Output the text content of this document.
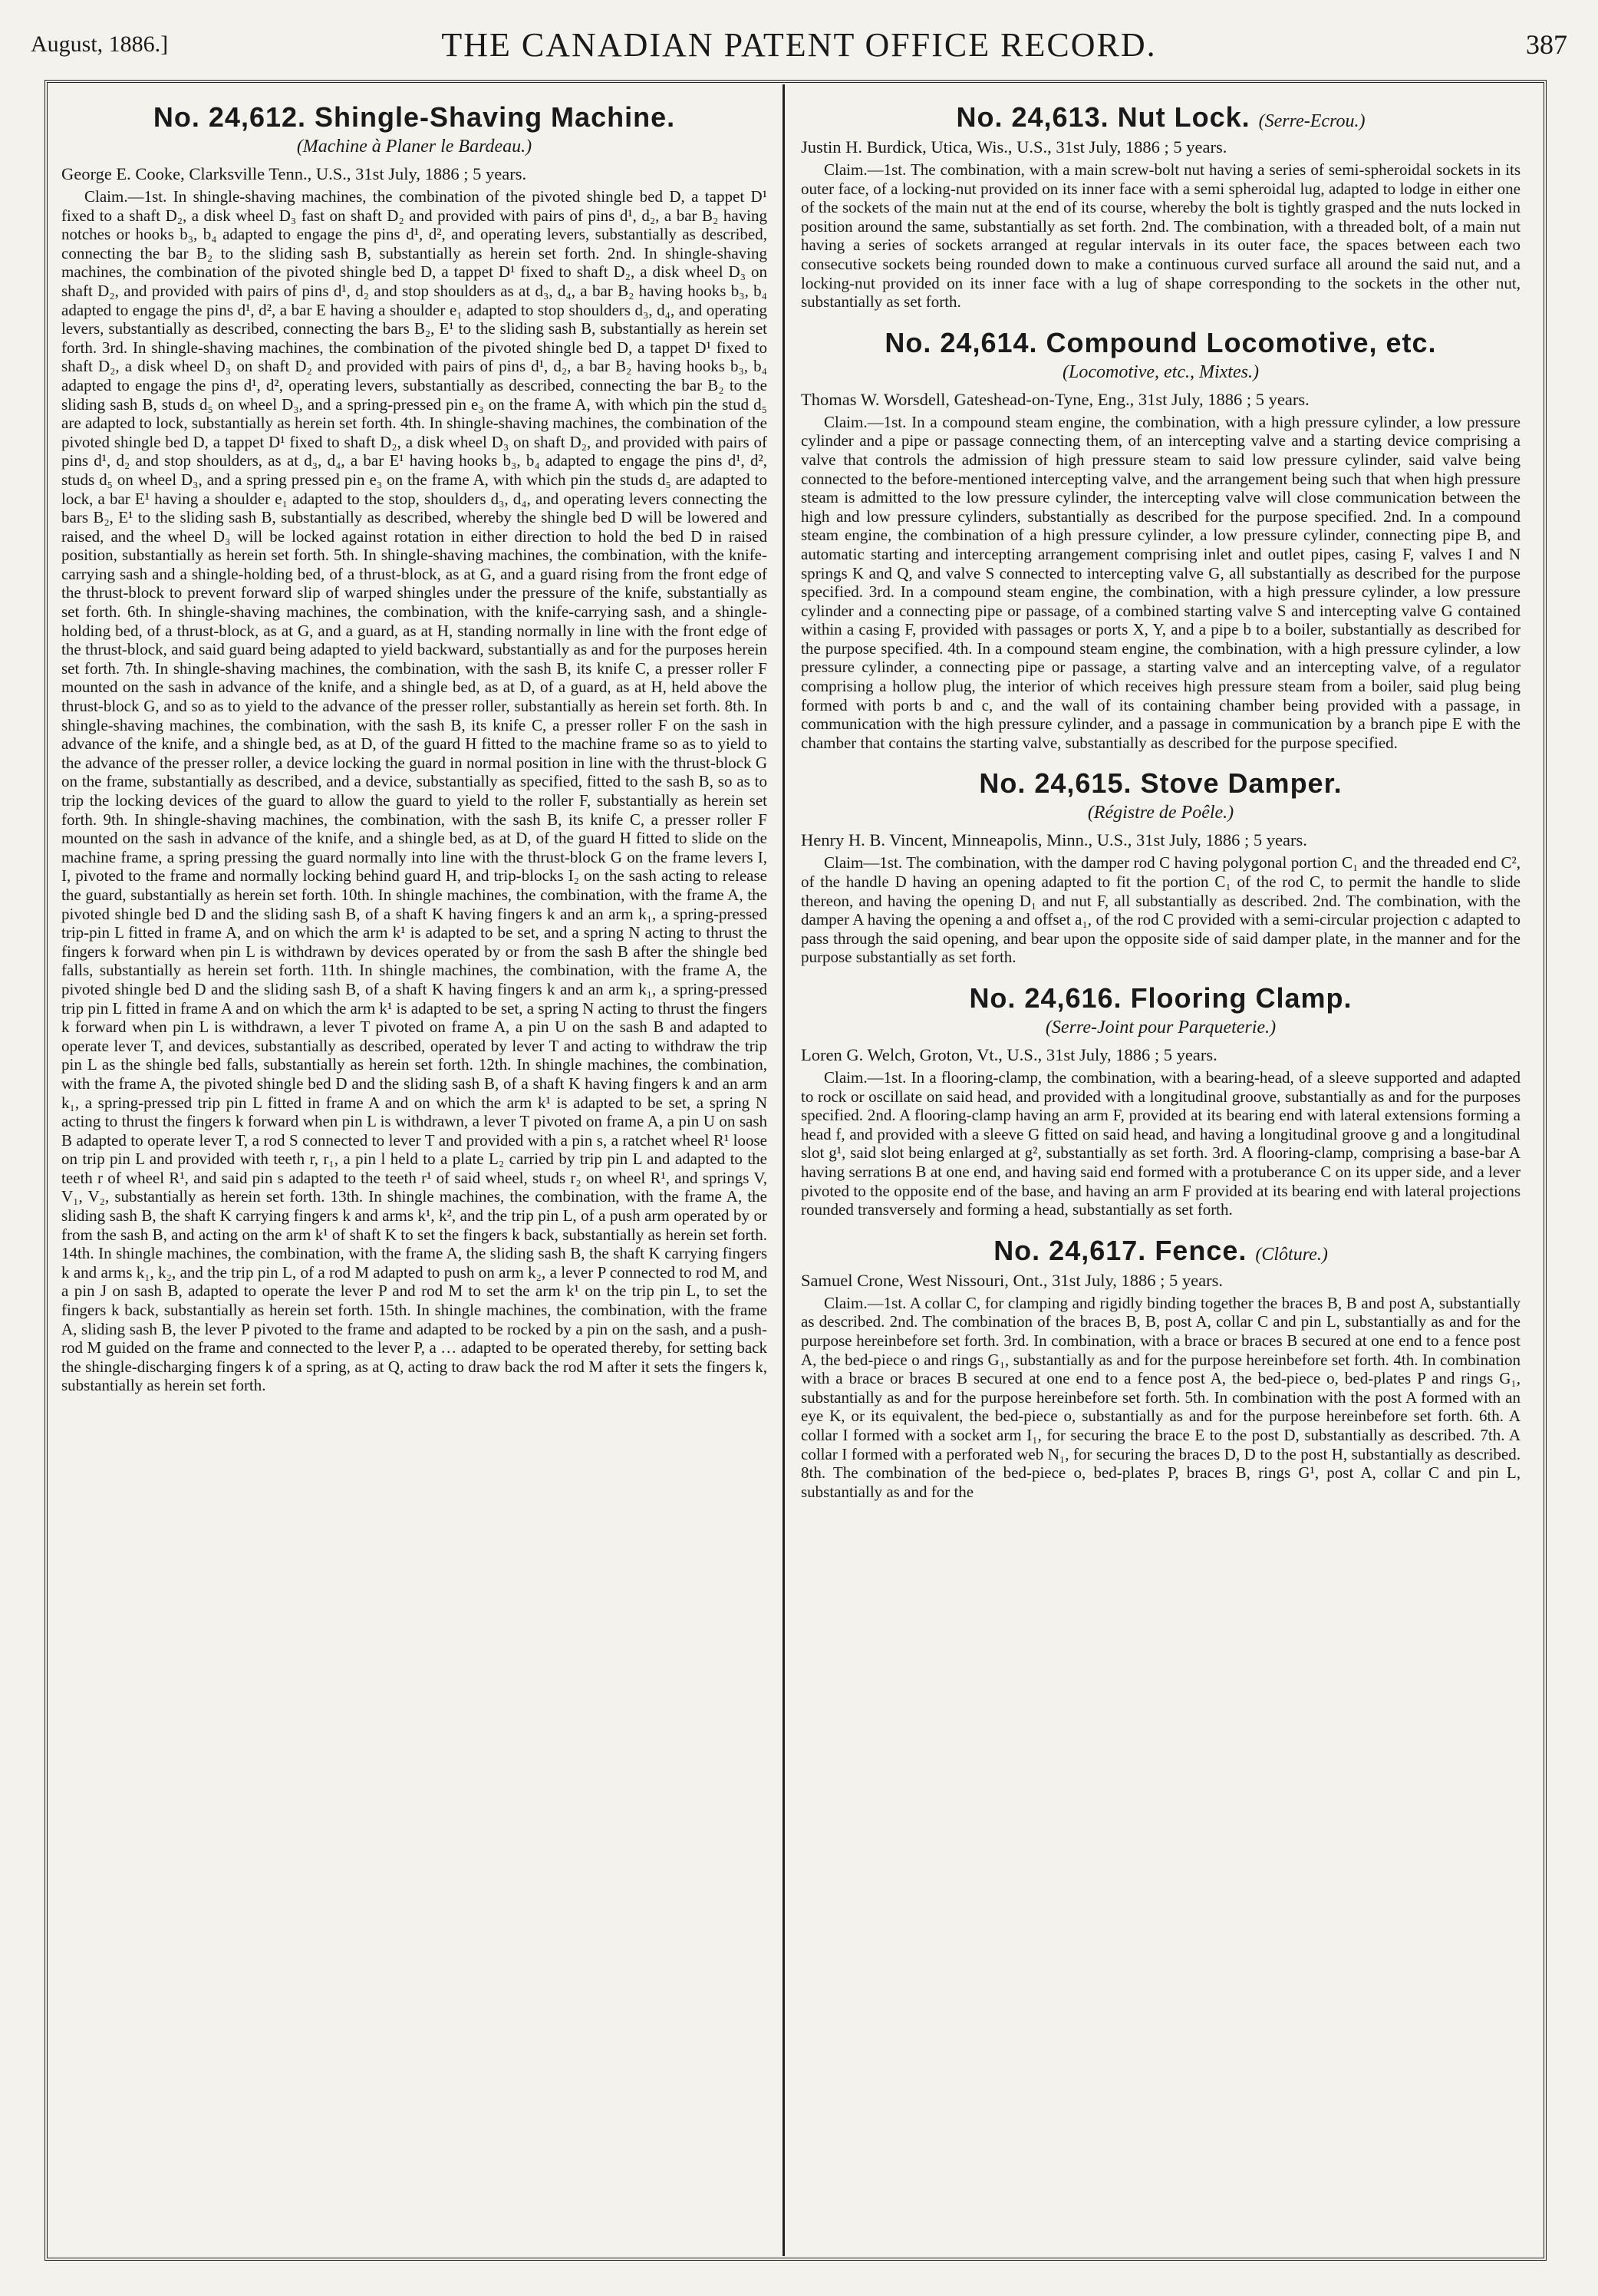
August, 1886.]	THE CANADIAN PATENT OFFICE RECORD.	387
No. 24,612. Shingle-Shaving Machine.
(Machine à Planer le Bardeau.)

George E. Cooke, Clarksville Tenn., U.S., 31st July, 1886 ; 5 years.

Claim.—1st. In shingle-shaving machines, the combination of the pivoted shingle bed D, a tappet D¹ fixed to a shaft D₂, a disk wheel D₃ fast on shaft D₂ and provided with pairs of pins d¹, d₂, a bar B₂ having notches or hooks b₃, b₄ adapted to engage the pins d¹, d², and operating levers, substantially as described, connecting the bar B₂ to the sliding sash B, substantially as herein set forth. 2nd. In shingle-shaving machines, the combination of the pivoted shingle bed D, a tappet D¹ fixed to shaft D₂, a disk wheel D₃ on shaft D₂, and provided with pairs of pins d¹, d₂ and stop shoulders as at d₃, d₄, a bar B₂ having hooks b₃, b₄ adapted to engage the pins d¹, d², a bar E having a shoulder e₁ adapted to stop shoulders d₃, d₄, and operating levers, substantially as described, connecting the bars B₂, E¹ to the sliding sash B, substantially as herein set forth. 3rd. In shingle-shaving machines, the combination of the pivoted shingle bed D, a tappet D¹ fixed to shaft D₂, a disk wheel D₃ on shaft D₂ and provided with pairs of pins d¹, d₂, a bar B₂ having hooks b₃, b₄ adapted to engage the pins d¹, d², operating levers, substantially as described, connecting the bar B₂ to the sliding sash B, studs d₅ on wheel D₃, and a spring-pressed pin e₃ on the frame A, with which pin the stud d₅ are adapted to lock, substantially as herein set forth. 4th. In shingle-shaving machines, the combination of the pivoted shingle bed D, a tappet D¹ fixed to shaft D₂, a disk wheel D₃ on shaft D₂, and provided with pairs of pins d¹, d₂ and stop shoulders, as at d₃, d₄, a bar E¹ having hooks b₃, b₄ adapted to engage the pins d¹, d², studs d₅ on wheel D₃, and a spring pressed pin e₃ on the frame A, with which pin the studs d₅ are adapted to lock, a bar E¹ having a shoulder e₁ adapted to the stop, shoulders d₃, d₄, and operating levers connecting the bars B₂, E¹ to the sliding sash B, substantially as described, whereby the shingle bed D will be lowered and raised, and the wheel D₃ will be locked against rotation in either direction to hold the bed D in raised position, substantially as herein set forth. 5th. In shingle-shaving machines, the combination, with the knife-carrying sash and a shingle-holding bed, of a thrust-block, as at G, and a guard rising from the front edge of the thrust-block to prevent forward slip of warped shingles under the pressure of the knife, substantially as set forth. 6th. In shingle-shaving machines, the combination, with the knife-carrying sash, and a shingle-holding bed, of a thrust-block, as at G, and a guard, as at H, standing normally in line with the front edge of the thrust-block, and said guard being adapted to yield backward, substantially as and for the purposes herein set forth. 7th. In shingle-shaving machines, the combination, with the sash B, its knife C, a presser roller F mounted on the sash in advance of the knife, and a shingle bed, as at D, of a guard, as at H, held above the thrust-block G, and so as to yield to the advance of the presser roller, substantially as herein set forth. 8th. In shingle-shaving machines, the combination, with the sash B, its knife C, a presser roller F on the sash in advance of the knife, and a shingle bed, as at D, of the guard H fitted to the machine frame so as to yield to the advance of the presser roller, a device locking the guard in normal position in line with the thrust-block G on the frame, substantially as described, and a device, substantially as specified, fitted to the sash B, so as to trip the locking devices of the guard to allow the guard to yield to the roller F, substantially as herein set forth. 9th. In shingle-shaving machines, the combination, with the sash B, its knife C, a presser roller F mounted on the sash in advance of the knife, and a shingle bed, as at D, of the guard H fitted to slide on the machine frame, a spring pressing the guard normally into line with the thrust-block G on the frame levers I, I, pivoted to the frame and normally locking behind guard H, and trip-blocks I₂ on the sash acting to release the guard, substantially as herein set forth. 10th. In shingle machines, the combination, with the frame A, the pivoted shingle bed D and the sliding sash B, of a shaft K having fingers k and an arm k₁, a spring-pressed trip-pin L fitted in frame A, and on which the arm k¹ is adapted to be set, and a spring N acting to thrust the fingers k forward when pin L is withdrawn by devices operated by or from the sash B after the shingle bed falls, substantially as herein set forth. 11th. In shingle machines, the combination, with the frame A, the pivoted shingle bed D and the sliding sash B, of a shaft K having fingers k and an arm k₁, a spring-pressed trip pin L fitted in frame A and on which the arm k¹ is adapted to be set, a spring N acting to thrust the fingers k forward when pin L is withdrawn, a lever T pivoted on frame A, a pin U on the sash B and adapted to operate lever T, and devices, substantially as described, operated by lever T and acting to withdraw the trip pin L as the shingle bed falls, substantially as herein set forth. 12th. In shingle machines, the combination, with the frame A, the pivoted shingle bed D and the sliding sash B, of a shaft K having fingers k and an arm k₁, a spring-pressed trip pin L fitted in frame A and on which the arm k¹ is adapted to be set, a spring N acting to thrust the fingers k forward when pin L is withdrawn, a lever T pivoted on frame A, a pin U on sash B adapted to operate lever T, a rod S connected to lever T and provided with a pin s, a ratchet wheel R¹ loose on trip pin L and provided with teeth r, r₁, a pin l held to a plate L₂ carried by trip pin L and adapted to the teeth r of wheel R¹, and said pin s adapted to the teeth r¹ of said wheel, studs r₂ on wheel R¹, and springs V, V₁, V₂, substantially as herein set forth. 13th. In shingle machines, the combination, with the frame A, the sliding sash B, the shaft K carrying fingers k and arms k¹, k², and the trip pin L, of a push arm operated by or from the sash B, and acting on the arm k¹ of shaft K to set the fingers k back, substantially as herein set forth. 14th. In shingle machines, the combination, with the frame A, the sliding sash B, the shaft K carrying fingers k and arms k₁, k₂, and the trip pin L, of a rod M adapted to push on arm k₂, a lever P connected to rod M, and a pin J on sash B, adapted to operate the lever P and rod M to set the arm k¹ on the trip pin L, to set the fingers k back, substantially as herein set forth. 15th. In shingle machines, the combination, with the frame A, sliding sash B, the lever P pivoted to the frame and adapted to be rocked by a pin on the sash, and a push-rod M guided on the frame and connected to the lever P, a … adapted to be operated thereby, for setting back the shingle-discharging fingers k of a spring, as at Q, acting to draw back the rod M after it sets the fingers k, substantially as herein set forth.

No. 24,613. Nut Lock. (Serre-Ecrou.)

Justin H. Burdick, Utica, Wis., U.S., 31st July, 1886 ; 5 years.

Claim.—1st. The combination, with a main screw-bolt nut having a series of semi-spheroidal sockets in its outer face, of a locking-nut provided on its inner face with a semi spheroidal lug, adapted to lodge in either one of the sockets of the main nut at the end of its course, whereby the bolt is tightly grasped and the nuts locked in position around the same, substantially as set forth. 2nd. The combination, with a threaded bolt, of a main nut having a series of sockets arranged at regular intervals in its outer face, the spaces between each two consecutive sockets being rounded down to make a continuous curved surface all around the said nut, and a locking-nut provided on its inner face with a lug of shape corresponding to the sockets in the other nut, substantially as set forth.

No. 24,614. Compound Locomotive, etc.
(Locomotive, etc., Mixtes.)

Thomas W. Worsdell, Gateshead-on-Tyne, Eng., 31st July, 1886 ; 5 years.

Claim.—1st. In a compound steam engine, the combination, with a high pressure cylinder, a low pressure cylinder and a pipe or passage connecting them, of an intercepting valve and a starting device comprising a valve that controls the admission of high pressure steam to said low pressure cylinder, said valve being connected to the before-mentioned intercepting valve, and the arrangement being such that when high pressure steam is admitted to the low pressure cylinder, the intercepting valve will close communication between the high and low pressure cylinders, substantially as described for the purpose specified. 2nd. In a compound steam engine, the combination of a high pressure cylinder, a low pressure cylinder, connecting pipe B, and automatic starting and intercepting arrangement comprising inlet and outlet pipes, casing F, valves I and N springs K and Q, and valve S connected to intercepting valve G, all substantially as described for the purpose specified. 3rd. In a compound steam engine, the combination, with a high pressure cylinder, a low pressure cylinder and a connecting pipe or passage, of a combined starting valve S and intercepting valve G contained within a casing F, provided with passages or ports X, Y, and a pipe b to a boiler, substantially as described for the purpose specified. 4th. In a compound steam engine, the combination, with a high pressure cylinder, a low pressure cylinder, a connecting pipe or passage, a starting valve and an intercepting valve, of a regulator comprising a hollow plug, the interior of which receives high pressure steam from a boiler, said plug being formed with ports b and c, and the wall of its containing chamber being provided with a passage, in communication with the high pressure cylinder, and a passage in communication by a branch pipe E with the chamber that contains the starting valve, substantially as described for the purpose specified.

No. 24,615. Stove Damper.
(Régistre de Poêle.)

Henry H. B. Vincent, Minneapolis, Minn., U.S., 31st July, 1886 ; 5 years.

Claim—1st. The combination, with the damper rod C having polygonal portion C₁ and the threaded end C², of the handle D having an opening adapted to fit the portion C₁ of the rod C, to permit the handle to slide thereon, and having the opening D₁ and nut F, all substantially as described. 2nd. The combination, with the damper A having the opening a and offset a₁, of the rod C provided with a semi-circular projection c adapted to pass through the said opening, and bear upon the opposite side of said damper plate, in the manner and for the purpose substantially as set forth.

No. 24,616. Flooring Clamp.
(Serre-Joint pour Parqueterie.)

Loren G. Welch, Groton, Vt., U.S., 31st July, 1886 ; 5 years.

Claim.—1st. In a flooring-clamp, the combination, with a bearing-head, of a sleeve supported and adapted to rock or oscillate on said head, and provided with a longitudinal groove, substantially as and for the purposes specified. 2nd. A flooring-clamp having an arm F, provided at its bearing end with lateral extensions forming a head f, and provided with a sleeve G fitted on said head, and having a longitudinal groove g and a longitudinal slot g¹, said slot being enlarged at g², substantially as set forth. 3rd. A flooring-clamp, comprising a base-bar A having serrations B at one end, and having said end formed with a protuberance C on its upper side, and a lever pivoted to the opposite end of the base, and having an arm F provided at its bearing end with lateral projections rounded transversely and forming a head, substantially as set forth.

No. 24,617. Fence. (Clôture.)

Samuel Crone, West Nissouri, Ont., 31st July, 1886 ; 5 years.

Claim.—1st. A collar C, for clamping and rigidly binding together the braces B, B and post A, substantially as described. 2nd. The combination of the braces B, B, post A, collar C and pin L, substantially as and for the purpose hereinbefore set forth. 3rd. In combination, with a brace or braces B secured at one end to a fence post A, the bed-piece o and rings G₁, substantially as and for the purpose hereinbefore set forth. 4th. In combination with a brace or braces B secured at one end to a fence post A, the bed-piece o, bed-plates P and rings G₁, substantially as and for the purpose hereinbefore set forth. 5th. In combination with the post A formed with an eye K, or its equivalent, the bed-piece o, substantially as and for the purpose hereinbefore set forth. 6th. A collar I formed with a socket arm I₁, for securing the brace E to the post D, substantially as described. 7th. A collar I formed with a perforated web N₁, for securing the braces D, D to the post H, substantially as described. 8th. The combination of the bed-piece o, bed-plates P, braces B, rings G¹, post A, collar C and pin L, substantially as and for the
